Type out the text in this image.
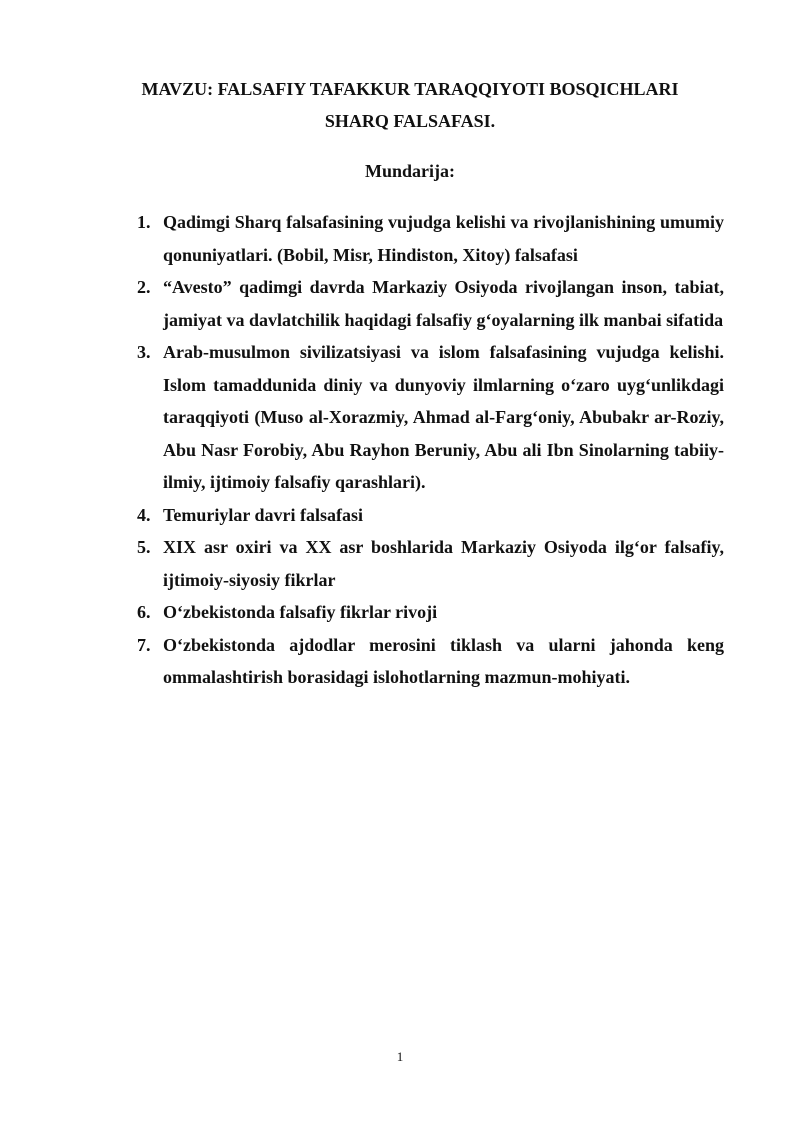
MAVZU: FALSAFIY TAFAKKUR TARAQQIYOTI BOSQICHLARI
SHARQ FALSAFASI.
Mundarija:
1. Qadimgi Sharq falsafasining vujudga kelishi va rivojlanishining umumiy qonuniyatlari. (Bobil, Misr, Hindiston, Xitoy) falsafasi
2. “Avesto” qadimgi davrda Markaziy Osiyoda rivojlangan inson, tabiat, jamiyat va davlatchilik haqidagi falsafiy g‘oyalarning ilk manbai sifatida
3. Arab-musulmon sivilizatsiyasi va islom falsafasining vujudga kelishi. Islom tamaddunida diniy va dunyoviy ilmlarning o‘zaro uyg‘unlikdagi taraqqiyoti (Muso al-Xorazmiy, Ahmad al-Farg‘oniy, Abubakr ar-Roziy, Abu Nasr Forobiy, Abu Rayhon Beruniy, Abu ali Ibn Sinolarning tabiiy-ilmiy, ijtimoiy falsafiy qarashlari).
4. Temuriylar davri falsafasi
5. XIX asr oxiri va XX asr boshlarida Markaziy Osiyoda ilg‘or falsafiy, ijtimoiy-siyosiy fikrlar
6. O‘zbekistonda falsafiy fikrlar rivoji
7. O‘zbekistonda ajdodlar merosini tiklash va ularni jahonda keng ommalashtirish borasidagi islohotlarning mazmun-mohiyati.
1
